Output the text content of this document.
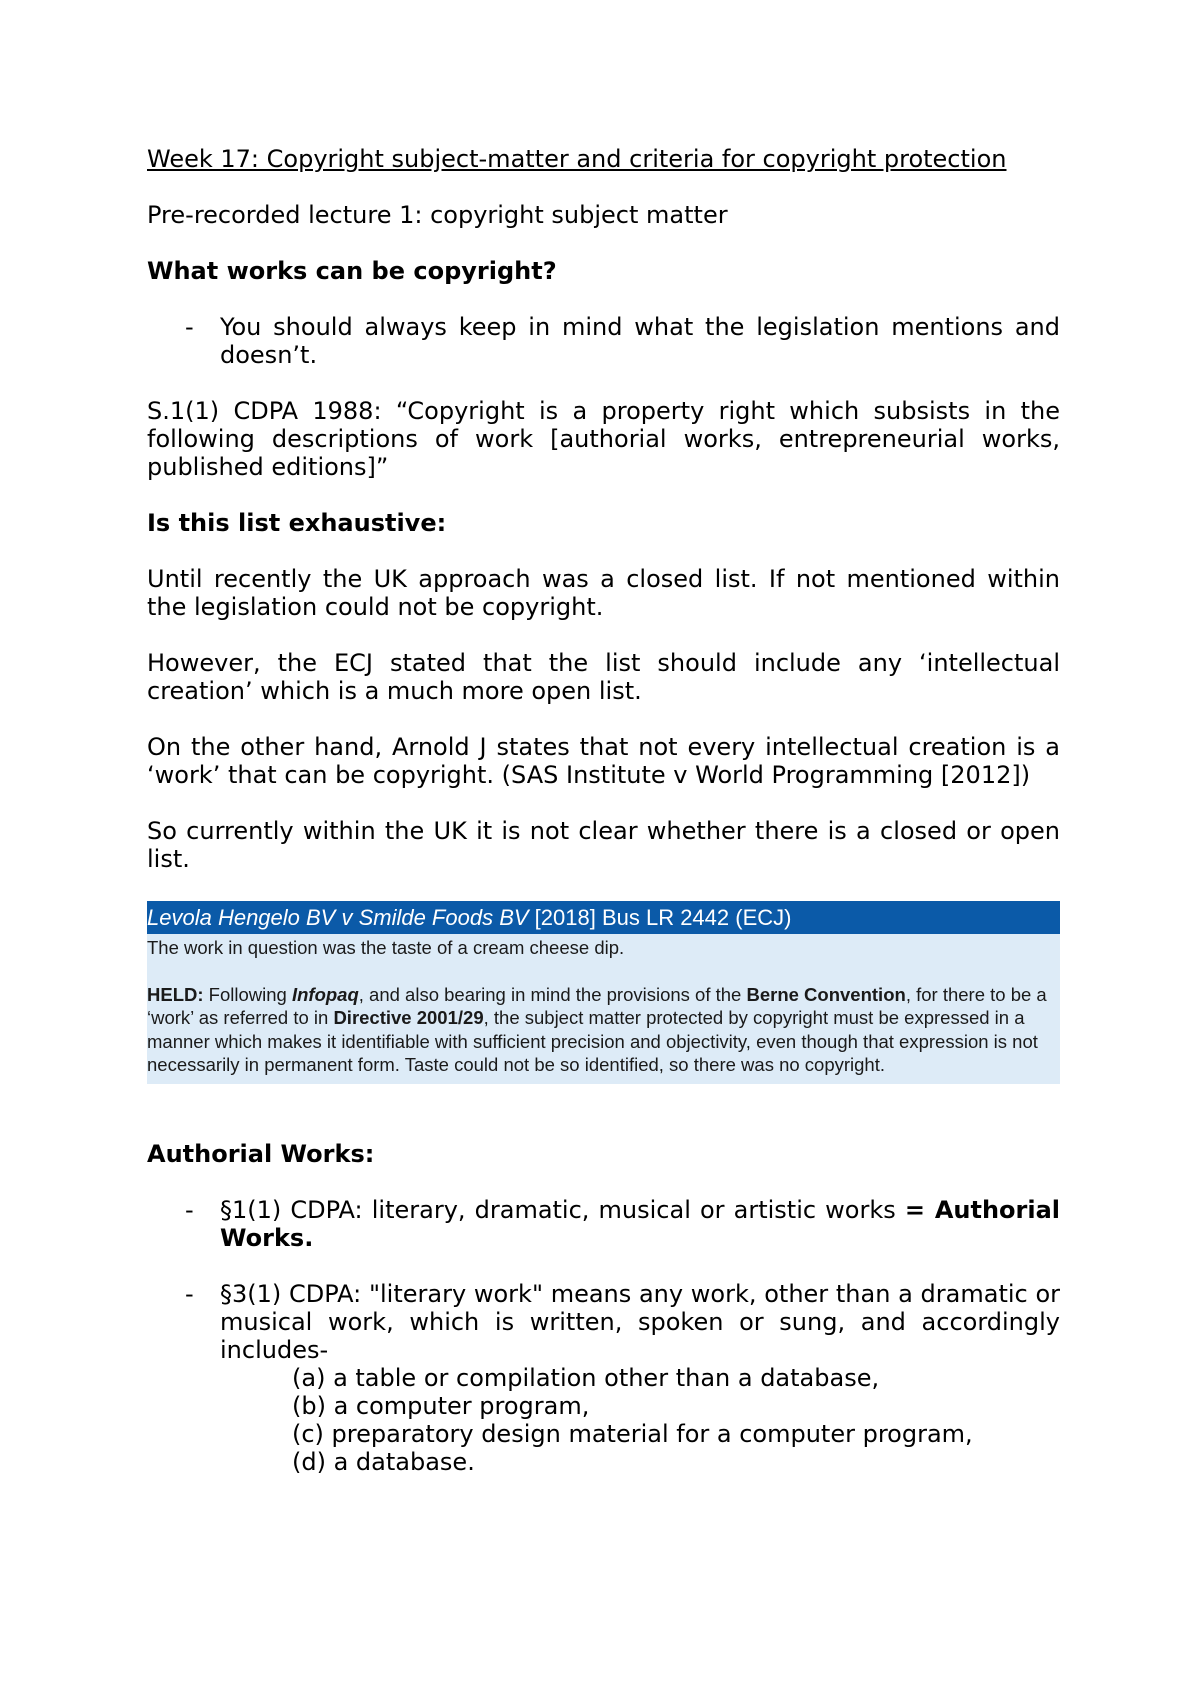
Week 17: Copyright subject-matter and criteria for copyright protection

Pre-recorded lecture 1: copyright subject matter

What works can be copyright?

- You should always keep in mind what the legislation mentions and doesn’t.

S.1(1) CDPA 1988: “Copyright is a property right which subsists in the following descriptions of work [authorial works, entrepreneurial works, published editions]”

Is this list exhaustive:

Until recently the UK approach was a closed list. If not mentioned within the legislation could not be copyright.

However, the ECJ stated that the list should include any ‘intellectual creation’ which is a much more open list.

On the other hand, Arnold J states that not every intellectual creation is a ‘work’ that can be copyright. (SAS Institute v World Programming [2012])

So currently within the UK it is not clear whether there is a closed or open list.

Levola Hengelo BV v Smilde Foods BV [2018] Bus LR 2442 (ECJ)

The work in question was the taste of a cream cheese dip.

HELD: Following Infopaq, and also bearing in mind the provisions of the Berne Convention, for there to be a ‘work’ as referred to in Directive 2001/29, the subject matter protected by copyright must be expressed in a manner which makes it identifiable with sufficient precision and objectivity, even though that expression is not necessarily in permanent form. Taste could not be so identified, so there was no copyright.

Authorial Works:

- §1(1) CDPA: literary, dramatic, musical or artistic works = Authorial Works.
- §3(1) CDPA: "literary work" means any work, other than a dramatic or musical work, which is written, spoken or sung, and accordingly includes-

(a) a table or compilation other than a database,

(b) a computer program,

(c) preparatory design material for a computer program,

(d) a database.
